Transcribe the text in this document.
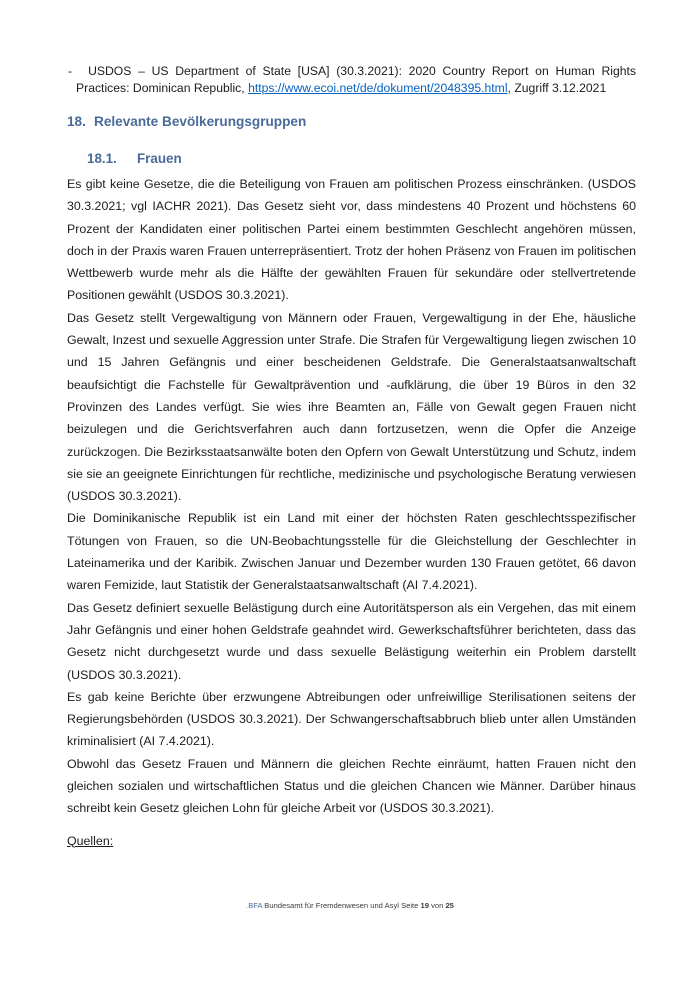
- USDOS – US Department of State [USA] (30.3.2021): 2020 Country Report on Human Rights Practices: Dominican Republic, https://www.ecoi.net/de/dokument/2048395.html, Zugriff 3.12.2021

18. Relevante Bevölkerungsgruppen
18.1. Frauen

Es gibt keine Gesetze, die die Beteiligung von Frauen am politischen Prozess einschränken. (USDOS 30.3.2021; vgl IACHR 2021). Das Gesetz sieht vor, dass mindestens 40 Prozent und höchstens 60 Prozent der Kandidaten einer politischen Partei einem bestimmten Geschlecht angehören müssen, doch in der Praxis waren Frauen unterrepräsentiert. Trotz der hohen Präsenz von Frauen im politischen Wettbewerb wurde mehr als die Hälfte der gewählten Frauen für sekundäre oder stellvertretende Positionen gewählt (USDOS 30.3.2021).

Das Gesetz stellt Vergewaltigung von Männern oder Frauen, Vergewaltigung in der Ehe, häusliche Gewalt, Inzest und sexuelle Aggression unter Strafe. Die Strafen für Vergewaltigung liegen zwischen 10 und 15 Jahren Gefängnis und einer bescheidenen Geldstrafe. Die Generalstaatsanwaltschaft beaufsichtigt die Fachstelle für Gewaltprävention und -aufklärung, die über 19 Büros in den 32 Provinzen des Landes verfügt. Sie wies ihre Beamten an, Fälle von Gewalt gegen Frauen nicht beizulegen und die Gerichtsverfahren auch dann fortzusetzen, wenn die Opfer die Anzeige zurückzogen. Die Bezirksstaatsanwälte boten den Opfern von Gewalt Unterstützung und Schutz, indem sie sie an geeignete Einrichtungen für rechtliche, medizinische und psychologische Beratung verwiesen (USDOS 30.3.2021).

Die Dominikanische Republik ist ein Land mit einer der höchsten Raten geschlechtsspezifischer Tötungen von Frauen, so die UN-Beobachtungsstelle für die Gleichstellung der Geschlechter in Lateinamerika und der Karibik. Zwischen Januar und Dezember wurden 130 Frauen getötet, 66 davon waren Femizide, laut Statistik der Generalstaatsanwaltschaft (AI 7.4.2021).

Das Gesetz definiert sexuelle Belästigung durch eine Autoritätsperson als ein Vergehen, das mit einem Jahr Gefängnis und einer hohen Geldstrafe geahndet wird. Gewerkschaftsführer berichteten, dass das Gesetz nicht durchgesetzt wurde und dass sexuelle Belästigung weiterhin ein Problem darstellt (USDOS 30.3.2021).

Es gab keine Berichte über erzwungene Abtreibungen oder unfreiwillige Sterilisationen seitens der Regierungsbehörden (USDOS 30.3.2021). Der Schwangerschaftsabbruch blieb unter allen Umständen kriminalisiert (AI 7.4.2021).

Obwohl das Gesetz Frauen und Männern die gleichen Rechte einräumt, hatten Frauen nicht den gleichen sozialen und wirtschaftlichen Status und die gleichen Chancen wie Männer. Darüber hinaus schreibt kein Gesetz gleichen Lohn für gleiche Arbeit vor (USDOS 30.3.2021).

Quellen:
.BFA Bundesamt für Fremdenwesen und Asyl Seite 19 von 25
